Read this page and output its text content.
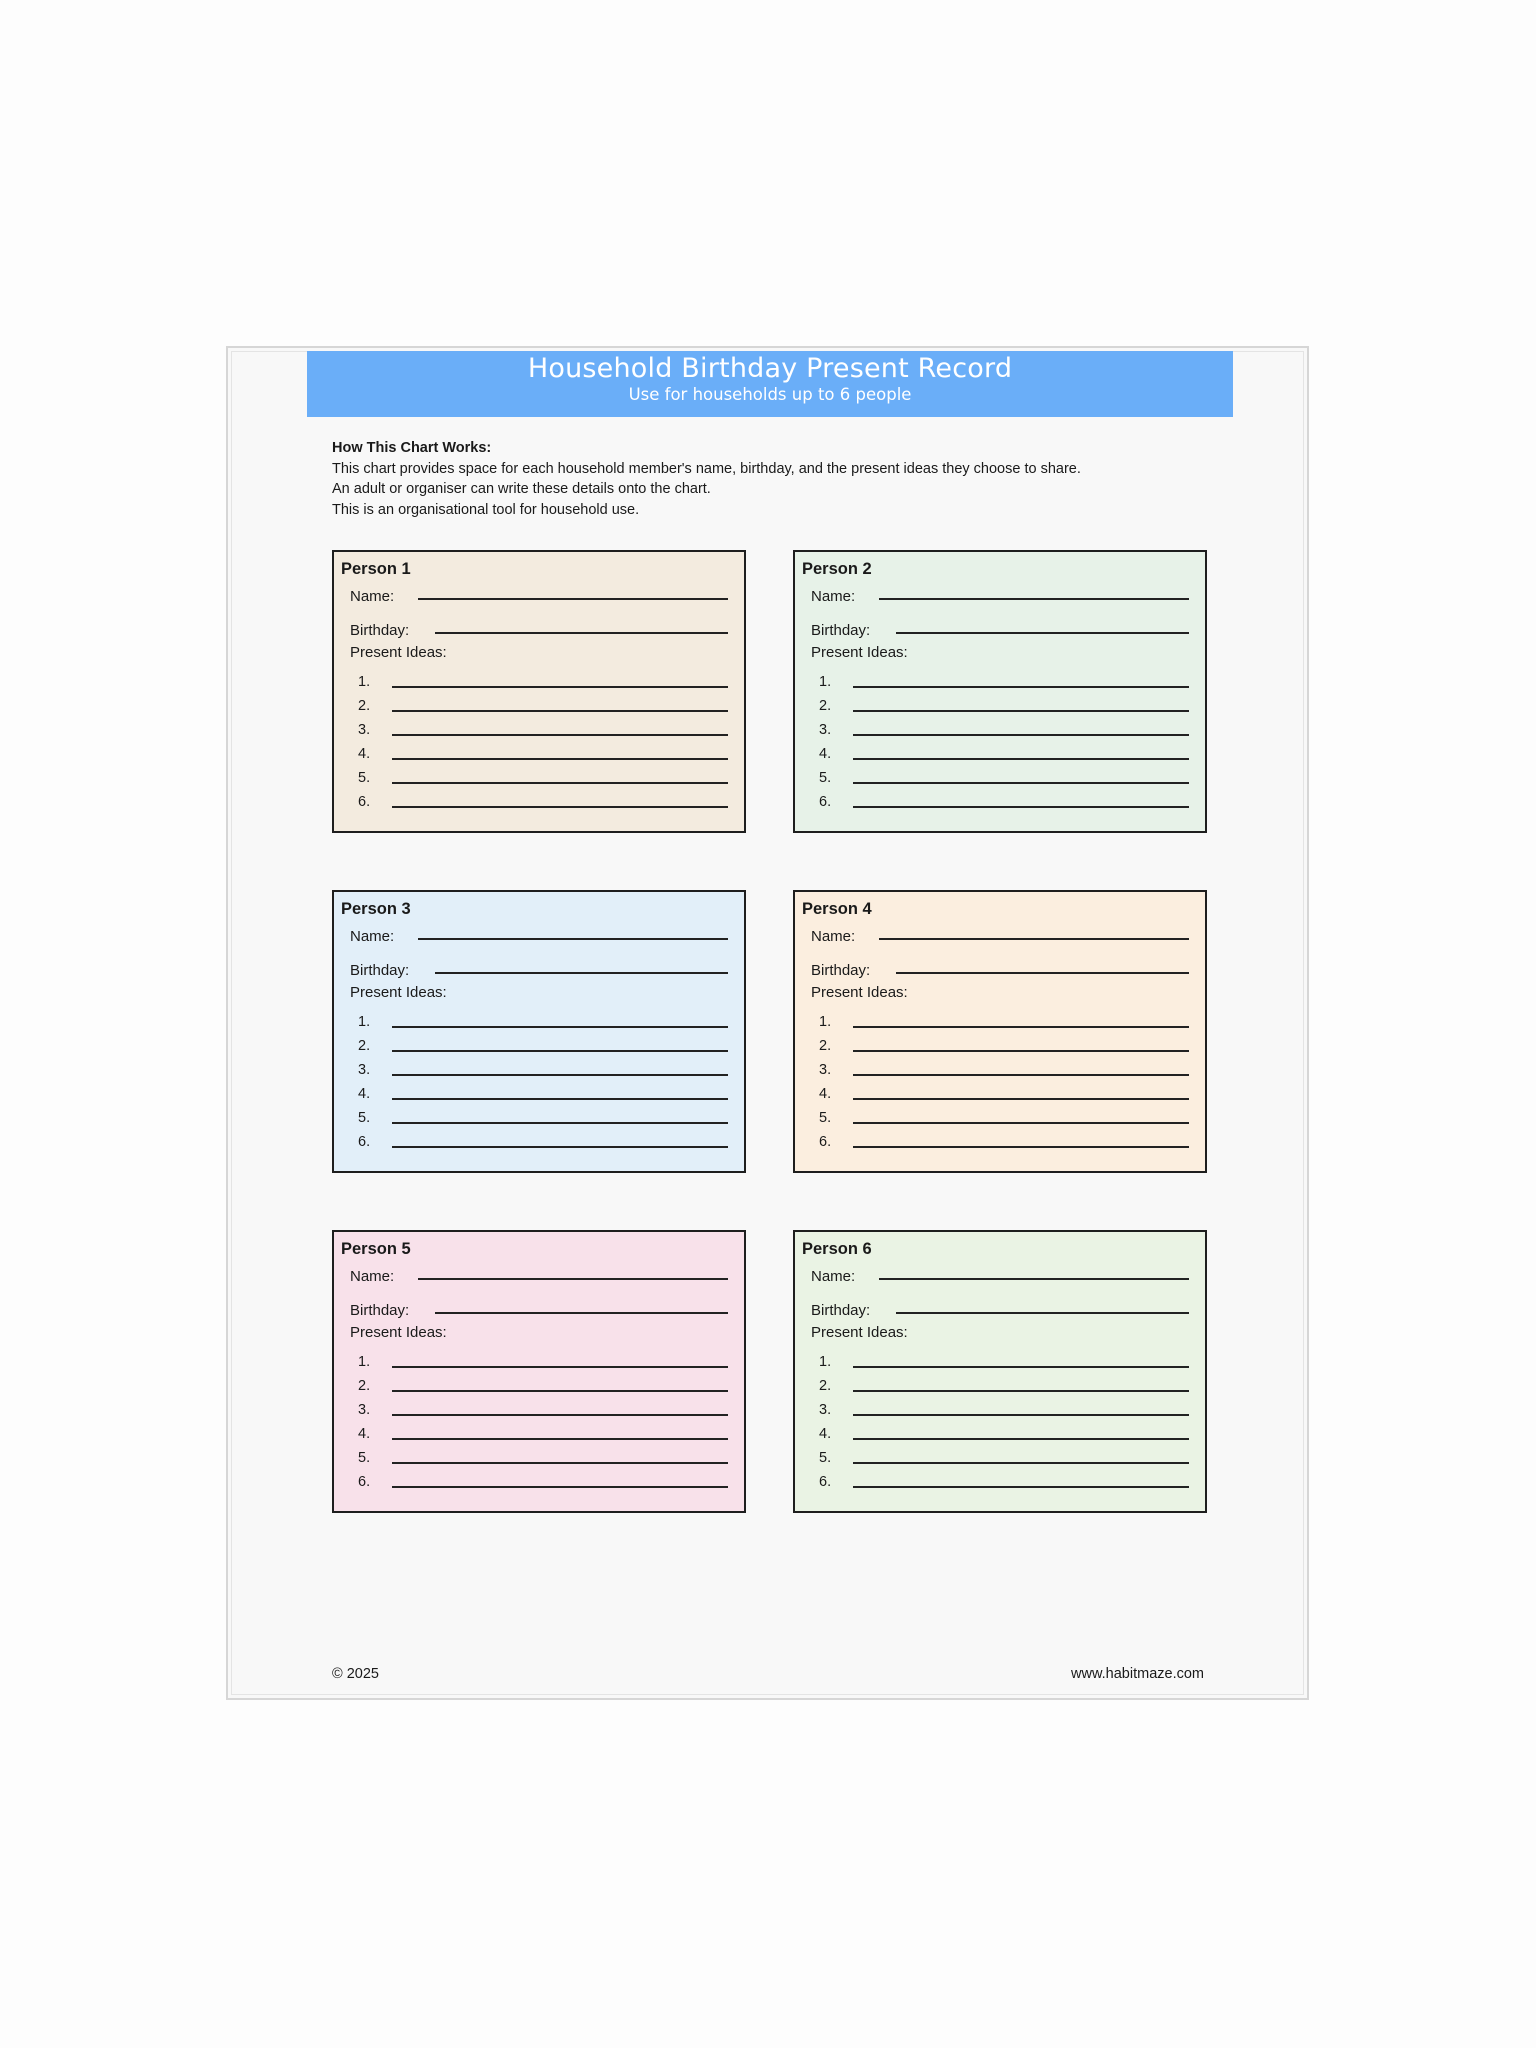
Household Birthday Present Record
Use for households up to 6 people
How This Chart Works:
This chart provides space for each household member's name, birthday, and the present ideas they choose to share.
An adult or organiser can write these details onto the chart.
This is an organisational tool for household use.
Person 1
Name:
Birthday:
Present Ideas:
1.
2.
3.
4.
5.
6.
Person 2
Name:
Birthday:
Present Ideas:
1.
2.
3.
4.
5.
6.
Person 3
Name:
Birthday:
Present Ideas:
1.
2.
3.
4.
5.
6.
Person 4
Name:
Birthday:
Present Ideas:
1.
2.
3.
4.
5.
6.
Person 5
Name:
Birthday:
Present Ideas:
1.
2.
3.
4.
5.
6.
Person 6
Name:
Birthday:
Present Ideas:
1.
2.
3.
4.
5.
6.
© 2025	www.habitmaze.com
